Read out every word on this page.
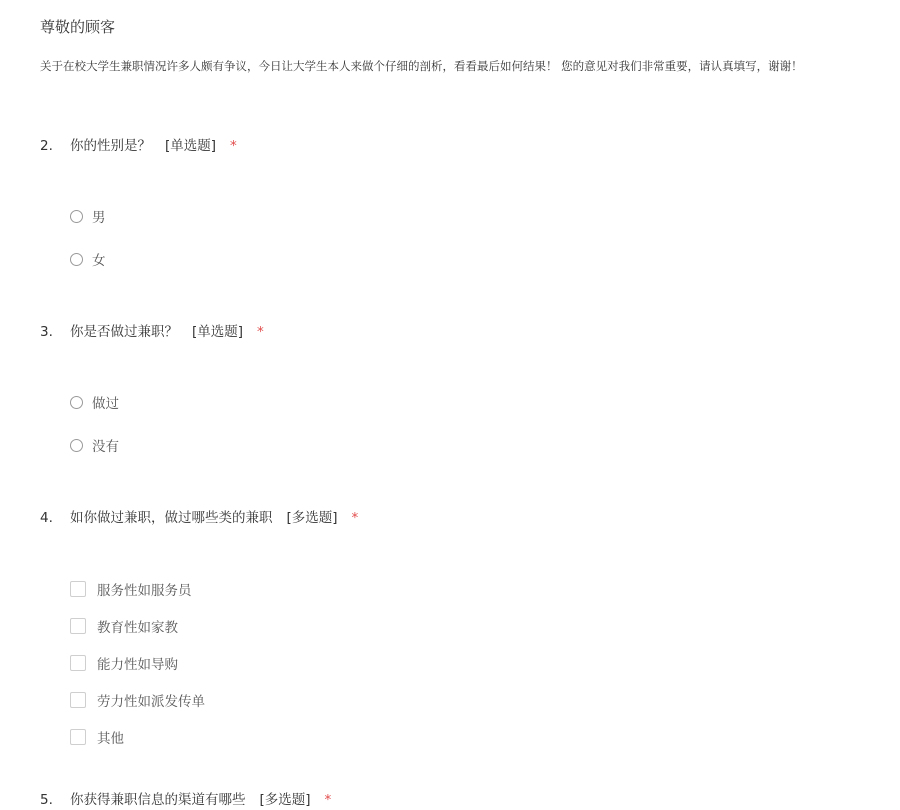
尊敬的顾客
关于在校大学生兼职情况许多人颇有争议，今日让大学生本人来做个仔细的剖析，看看最后如何结果！ 您的意见对我们非常重要，请认真填写，谢谢！
2. 你的性别是？ [单选题] *
男
女
3. 你是否做过兼职？ [单选题] *
做过
没有
4. 如你做过兼职，做过哪些类的兼职 [多选题] *
服务性如服务员
教育性如家教
能力性如导购
劳力性如派发传单
其他
5. 你获得兼职信息的渠道有哪些 [多选题] *
